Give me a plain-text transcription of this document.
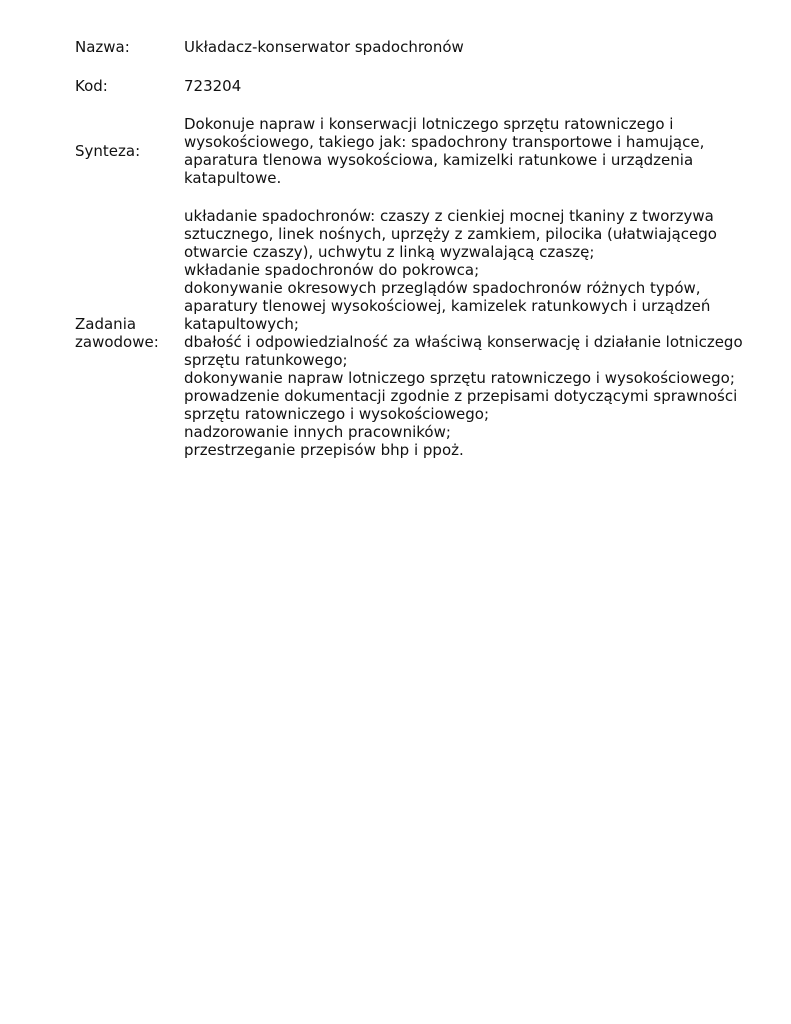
Nazwa:	Układacz-konserwator spadochronów
Kod:	723204
Synteza:
Dokonuje napraw i konserwacji lotniczego sprzętu ratowniczego i wysokościowego, takiego jak: spadochrony transportowe i hamujące, aparatura tlenowa wysokościowa, kamizelki ratunkowe i urządzenia katapultowe.
Zadania
zawodowe:
układanie spadochronów: czaszy z cienkiej mocnej tkaniny z tworzywa sztucznego, linek nośnych, uprzęży z zamkiem, pilocika (ułatwiającego otwarcie czaszy), uchwytu z linką wyzwalającą czaszę;
wkładanie spadochronów do pokrowca;
dokonywanie okresowych przeglądów spadochronów różnych typów, aparatury tlenowej wysokościowej, kamizelek ratunkowych i urządzeń katapultowych;
dbałość i odpowiedzialność za właściwą konserwację i działanie lotniczego sprzętu ratunkowego;
dokonywanie napraw lotniczego sprzętu ratowniczego i wysokościowego;
prowadzenie dokumentacji zgodnie z przepisami dotyczącymi sprawności sprzętu ratowniczego i wysokościowego;
nadzorowanie innych pracowników;
przestrzeganie przepisów bhp i ppoż.
